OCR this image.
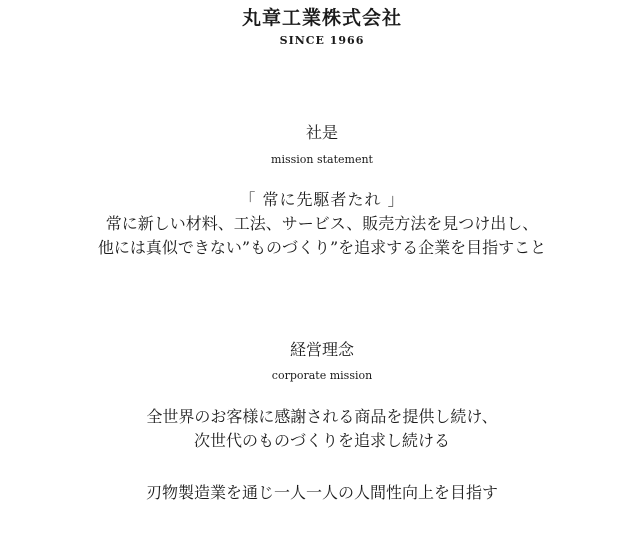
丸章工業株式会社
SINCE 1966
社是
mission statement
「 常に先駆者たれ 」
常に新しい材料、工法、サービス、販売方法を見つけ出し、
他には真似できない”ものづくり”を追求する企業を目指すこと
経営理念
corporate mission
全世界のお客様に感謝される商品を提供し続け、
次世代のものづくりを追求し続ける
刃物製造業を通じ一人一人の人間性向上を目指す
